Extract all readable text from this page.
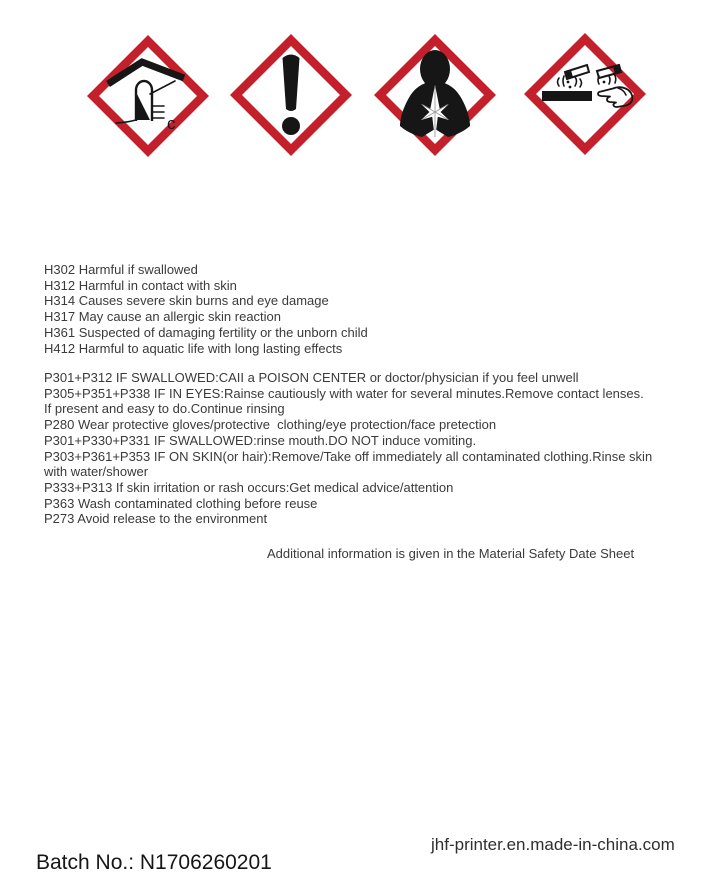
c
H302 Harmful if swallowed
H312 Harmful in contact with skin
H314 Causes severe skin burns and eye damage
H317 May cause an allergic skin reaction
H361 Suspected of damaging fertility or the unborn child
H412 Harmful to aquatic life with long lasting effects
P301+P312 IF SWALLOWED:CAII a POISON CENTER or doctor/physician if you feel unwell
P305+P351+P338 IF IN EYES:Rainse cautiously with water for several minutes.Remove contact lenses.
If present and easy to do.Continue rinsing
P280 Wear protective gloves/protective  clothing/eye protection/face pretection
P301+P330+P331 IF SWALLOWED:rinse mouth.DO NOT induce vomiting.
P303+P361+P353 IF ON SKIN(or hair):Remove/Take off immediately all contaminated clothing.Rinse skin
with water/shower
P333+P313 If skin irritation or rash occurs:Get medical advice/attention
P363 Wash contaminated clothing before reuse
P273 Avoid release to the environment
Additional information is given in the Material Safety Date Sheet
jhf-printer.en.made-in-china.com
Batch No.: N1706260201
